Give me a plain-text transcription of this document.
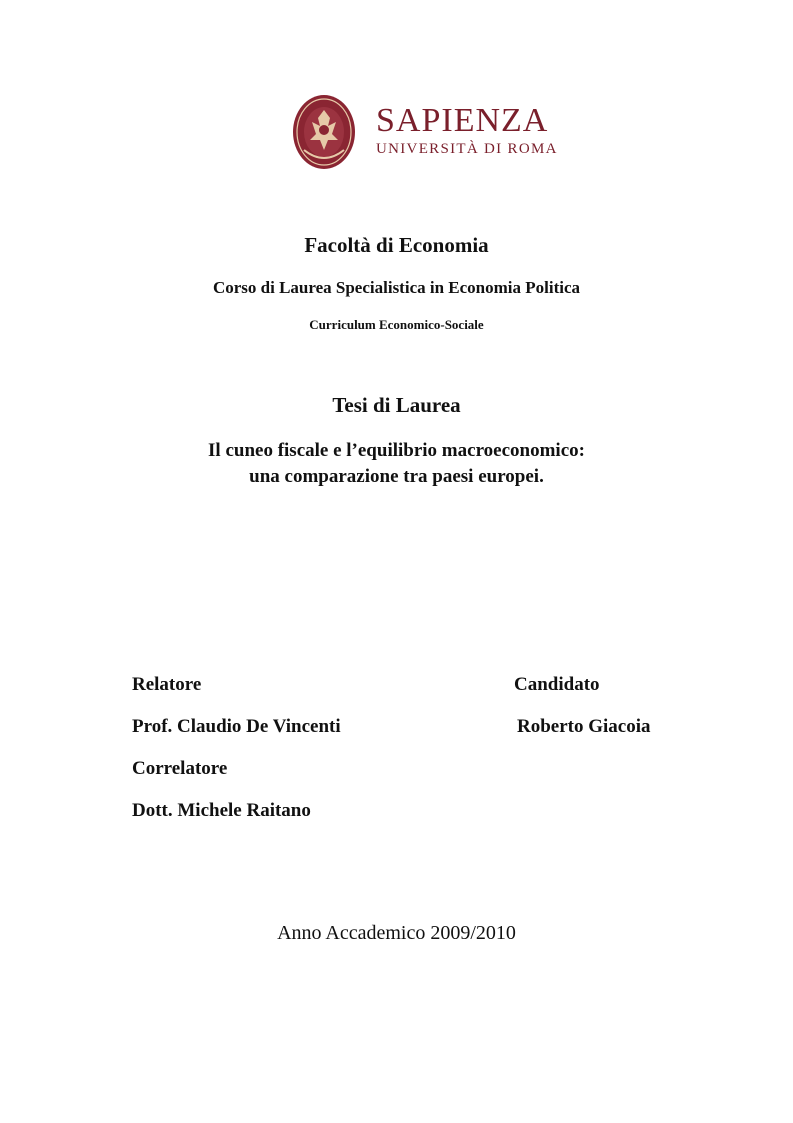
SAPIENZA
UNIVERSITÀ DI ROMA
Facoltà di Economia
Corso di Laurea Specialistica in Economia Politica
Curriculum Economico-Sociale
Tesi di Laurea
Il cuneo fiscale e l’equilibrio macroeconomico:
una comparazione tra paesi europei.
Relatore	Candidato
Prof. Claudio De Vincenti	Roberto Giacoia
Correlatore
Dott. Michele Raitano
Anno Accademico 2009/2010
